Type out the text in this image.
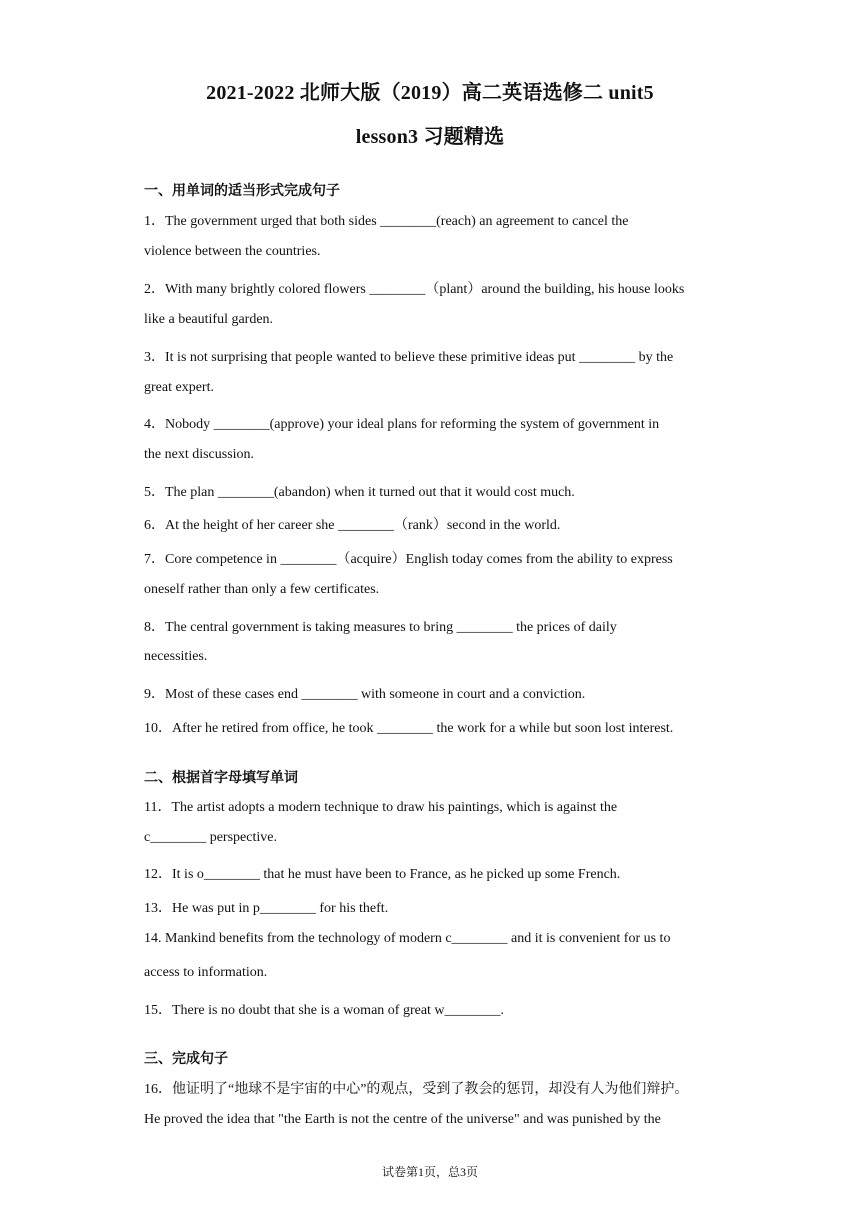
2021-2022 北师大版（2019）高二英语选修二 unit5
lesson3 习题精选
一、用单词的适当形式完成句子
1．The government urged that both sides ________(reach) an agreement to cancel the
violence between the countries.
2．With many brightly colored flowers ________（plant）around the building, his house looks
like a beautiful garden.
3．It is not surprising that people wanted to believe these primitive ideas put ________ by the
great expert.
4．Nobody ________(approve) your ideal plans for reforming the system of government in
the next discussion.
5．The plan ________(abandon) when it turned out that it would cost much.
6．At the height of her career she ________（rank）second in the world.
7．Core competence in ________（acquire）English today comes from the ability to express
oneself rather than only a few certificates.
8．The central government is taking measures to bring ________ the prices of daily
necessities.
9．Most of these cases end ________ with someone in court and a conviction.
10．After he retired from office, he took ________ the work for a while but soon lost interest.
二、根据首字母填写单词
11．The artist adopts a modern technique to draw his paintings, which is against the
c________ perspective.
12．It is o________ that he must have been to France, as he picked up some French.
13．He was put in p________ for his theft.
14. Mankind benefits from the technology of modern c________ and it is convenient for us to
access to information.
15．There is no doubt that she is a woman of great w________.
三、完成句子
16．他证明了“地球不是宇宙的中心”的观点，受到了教会的惩罚，却没有人为他们辩护。
He proved the idea that "the Earth is not the centre of the universe" and was punished by the
试卷第1页，总3页
